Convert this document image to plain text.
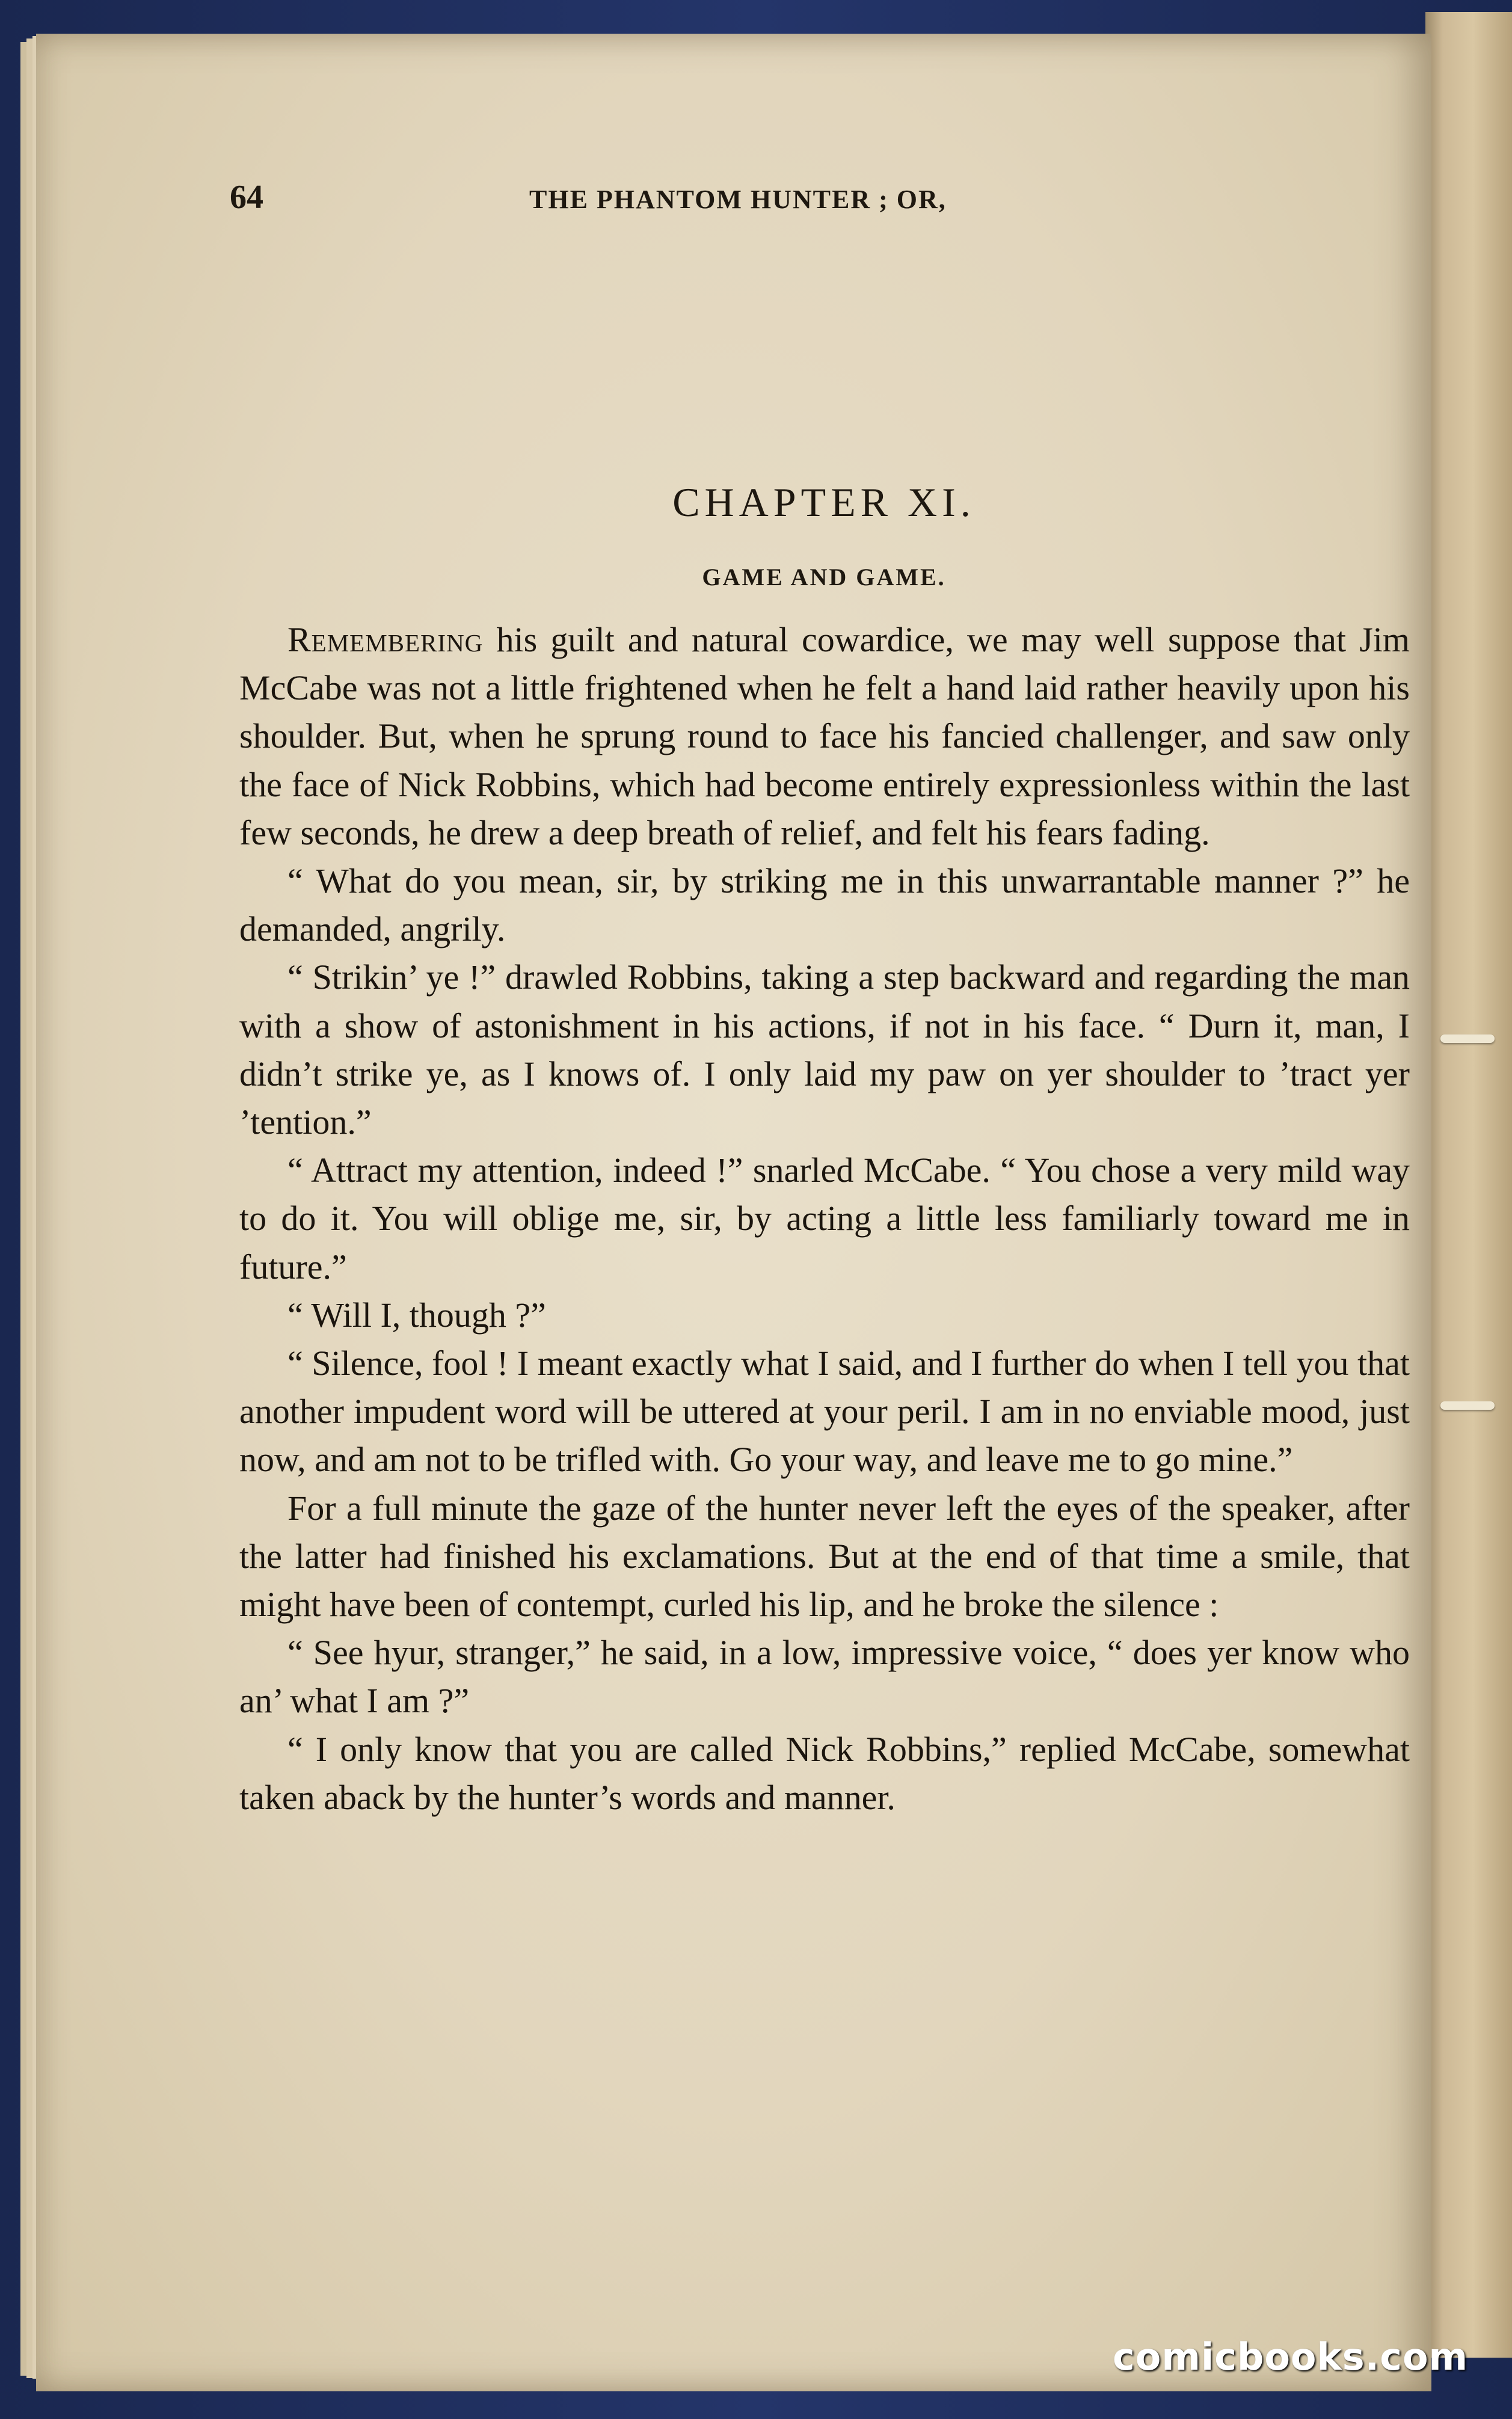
64	THE PHANTOM HUNTER ; OR,
CHAPTER XI.
GAME AND GAME.

Remembering his guilt and natural cowardice, we may well suppose that Jim McCabe was not a little frightened when he felt a hand laid rather heavily upon his shoulder. But, when he sprung round to face his fancied challenger, and saw only the face of Nick Robbins, which had become entirely expressionless within the last few seconds, he drew a deep breath of relief, and felt his fears fading.

“ What do you mean, sir, by striking me in this unwarrantable manner ?” he demanded, angrily.

“ Strikin’ ye !” drawled Robbins, taking a step backward and regarding the man with a show of astonishment in his actions, if not in his face. “ Durn it, man, I didn’t strike ye, as I knows of. I only laid my paw on yer shoulder to ’tract yer ’tention.”

“ Attract my attention, indeed !” snarled McCabe. “ You chose a very mild way to do it. You will oblige me, sir, by acting a little less familiarly toward me in future.”

“ Will I, though ?”

“ Silence, fool ! I meant exactly what I said, and I further do when I tell you that another impudent word will be uttered at your peril. I am in no enviable mood, just now, and am not to be trifled with. Go your way, and leave me to go mine.”

For a full minute the gaze of the hunter never left the eyes of the speaker, after the latter had finished his exclamations. But at the end of that time a smile, that might have been of contempt, curled his lip, and he broke the silence :

“ See hyur, stranger,” he said, in a low, impressive voice, “ does yer know who an’ what I am ?”

“ I only know that you are called Nick Robbins,” replied McCabe, somewhat taken aback by the hunter’s words and manner.

comicbooks.com
